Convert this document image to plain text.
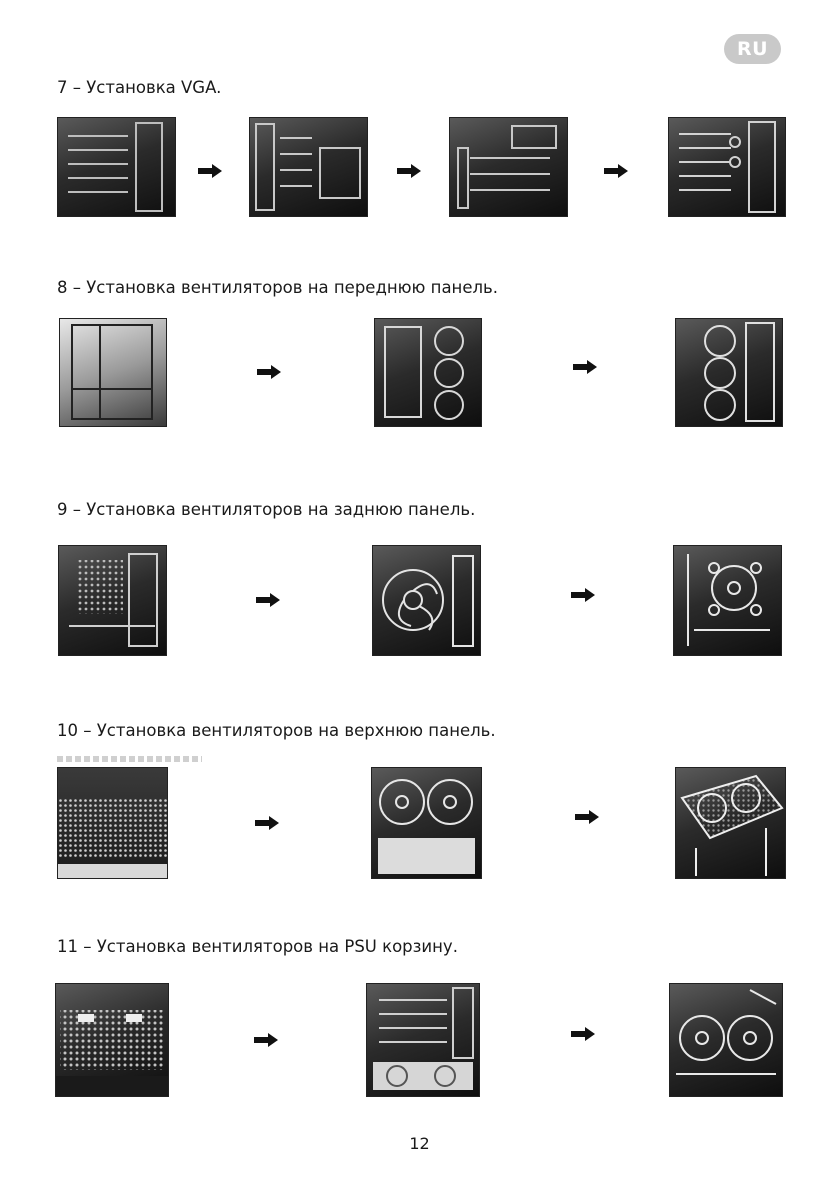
RU
7 – Установка VGA.
8 – Установка вентиляторов на переднюю панель.
9 – Установка вентиляторов на заднюю панель.
10 – Установка вентиляторов на верхнюю панель.
11 – Установка вентиляторов на PSU корзину.
12
